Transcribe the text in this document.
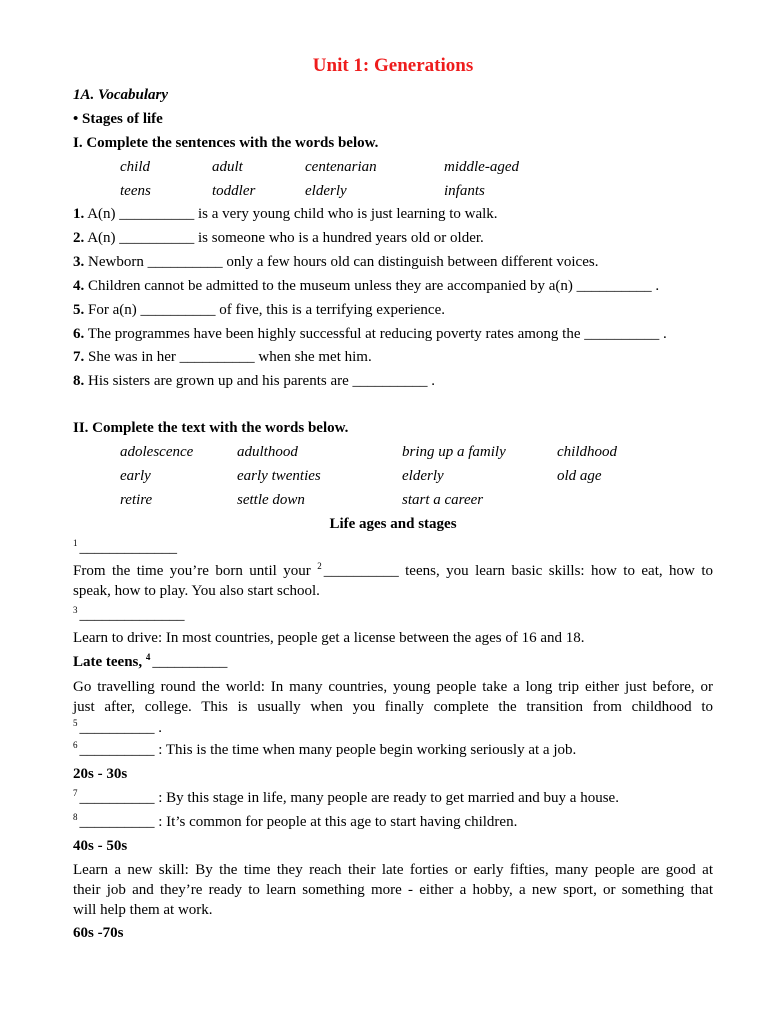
Unit 1: Generations
1A. Vocabulary
• Stages of life
I. Complete the sentences with the words below.
child	adult	centenarian	middle-aged
teens	toddler	elderly	infants
1. A(n) __________ is a very young child who is just learning to walk.
2. A(n) __________ is someone who is a hundred years old or older.
3. Newborn __________ only a few hours old can distinguish between different voices.
4. Children cannot be admitted to the museum unless they are accompanied by a(n) __________ .
5. For a(n) __________ of five, this is a terrifying experience.
6. The programmes have been highly successful at reducing poverty rates among the __________ .
7. She was in her __________ when she met him.
8. His sisters are grown up and his parents are __________ .
II. Complete the text with the words below.
adolescence	adulthood	bring up a family	childhood
early	early twenties	elderly	old age
retire	settle down	start a career
Life ages and stages
$^1$ _____________
From the time you’re born until your $^2$ __________ teens, you learn basic skills: how to eat, how to
speak, how to play. You also start school.
$^3$ ______________
Learn to drive: In most countries, people get a license between the ages of 16 and 18.
Late teens, $^4$ __________
Go travelling round the world: In many countries, young people take a long trip either just before, or
just after, college. This is usually when you finally complete the transition from childhood to
$^5$ __________ .
$^6$ __________ : This is the time when many people begin working seriously at a job.
20s - 30s
$^7$ __________ : By this stage in life, many people are ready to get married and buy a house.
$^8$ __________ : It’s common for people at this age to start having children.
40s - 50s
Learn a new skill: By the time they reach their late forties or early fifties, many people are good at
their job and they’re ready to learn something more - either a hobby, a new sport, or something that
will help them at work.
60s -70s
